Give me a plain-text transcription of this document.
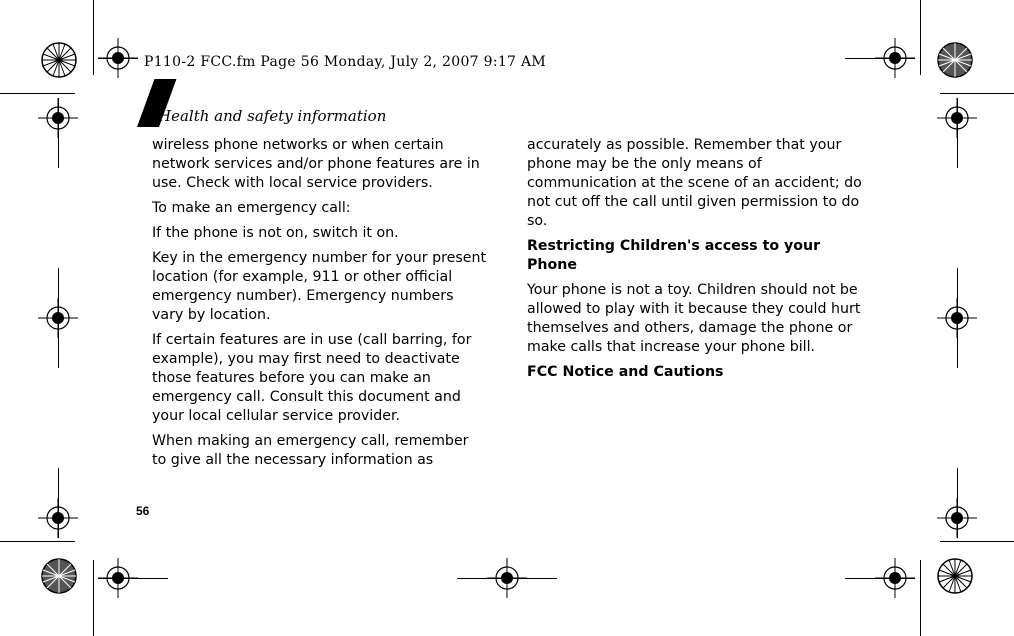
P110-2 FCC.fm Page 56 Monday, July 2, 2007 9:17 AM
Health and safety information

wireless phone networks or when certain network services and/or phone features are in use. Check with local service providers.

To make an emergency call:

If the phone is not on, switch it on.

Key in the emergency number for your present location (for example, 911 or other official emergency number). Emergency numbers vary by location.

If certain features are in use (call barring, for example), you may first need to deactivate those features before you can make an emergency call. Consult this document and your local cellular service provider.

When making an emergency call, remember to give all the necessary information as

accurately as possible. Remember that your phone may be the only means of communication at the scene of an accident; do not cut off the call until given permission to do so.

Restricting Children's access to your Phone

Your phone is not a toy. Children should not be allowed to play with it because they could hurt themselves and others, damage the phone or make calls that increase your phone bill.

FCC Notice and Cautions
56
